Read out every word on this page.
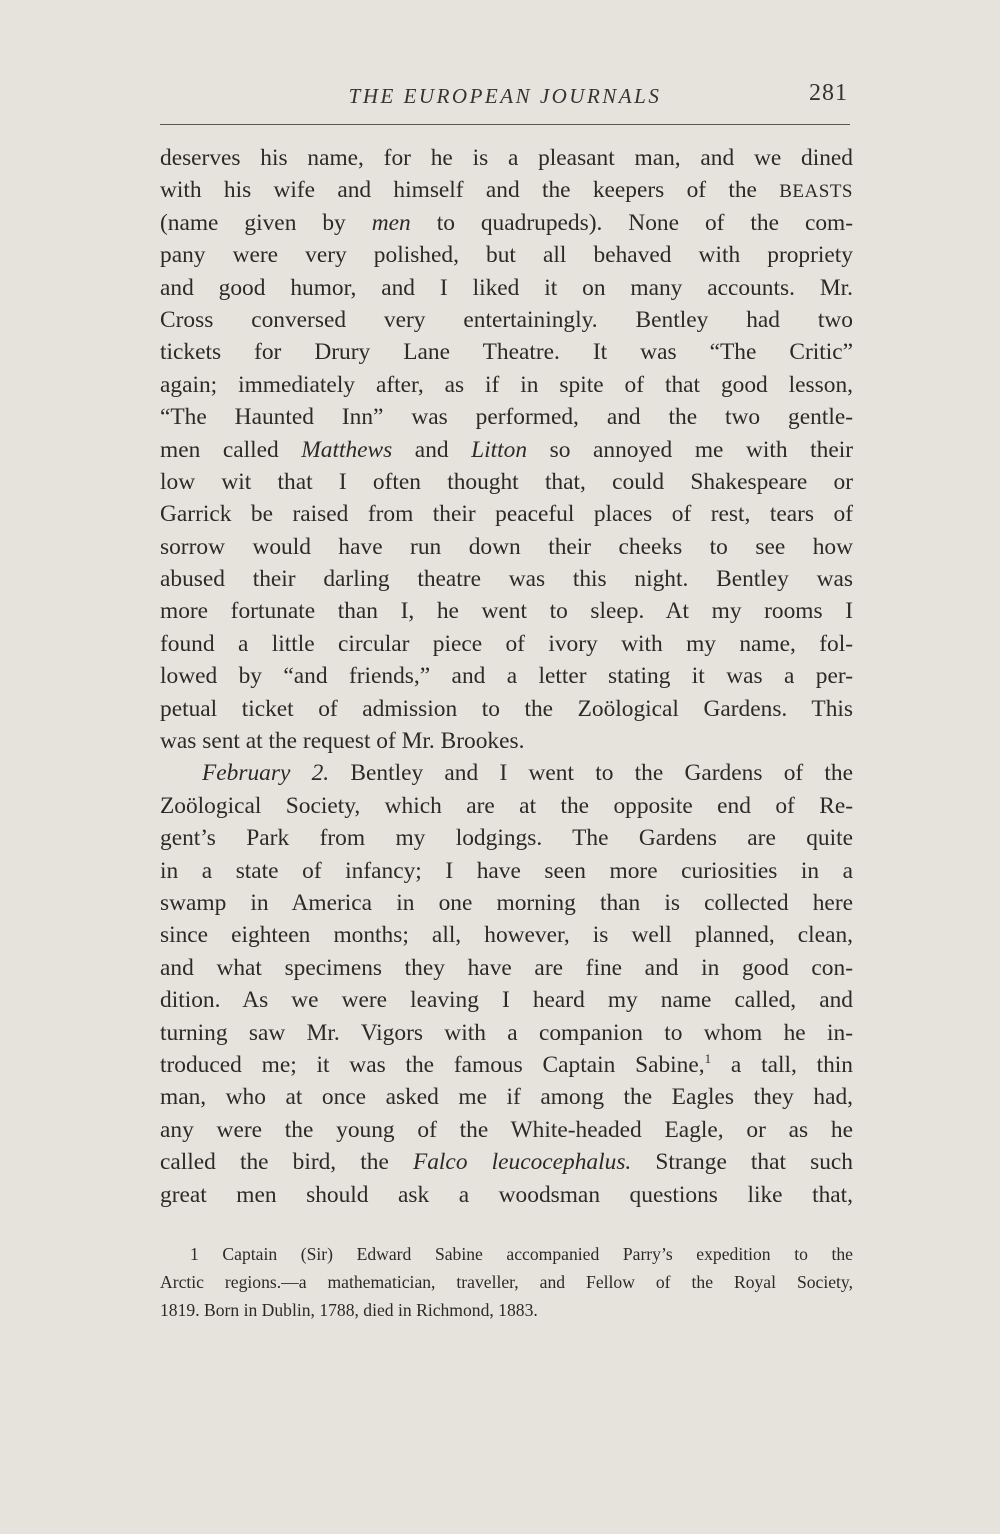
THE EUROPEAN JOURNALS	281
deserves his name, for he is a pleasant man, and we dined
with his wife and himself and the keepers of the BEASTS
(name given by men to quadrupeds). None of the com-
pany were very polished, but all behaved with propriety
and good humor, and I liked it on many accounts. Mr.
Cross conversed very entertainingly. Bentley had two
tickets for Drury Lane Theatre. It was “The Critic”
again; immediately after, as if in spite of that good lesson,
“The Haunted Inn” was performed, and the two gentle-
men called Matthews and Litton so annoyed me with their
low wit that I often thought that, could Shakespeare or
Garrick be raised from their peaceful places of rest, tears of
sorrow would have run down their cheeks to see how
abused their darling theatre was this night. Bentley was
more fortunate than I, he went to sleep. At my rooms I
found a little circular piece of ivory with my name, fol-
lowed by “and friends,” and a letter stating it was a per-
petual ticket of admission to the Zoölogical Gardens. This
was sent at the request of Mr. Brookes.
February 2. Bentley and I went to the Gardens of the
Zoölogical Society, which are at the opposite end of Re-
gent’s Park from my lodgings. The Gardens are quite
in a state of infancy; I have seen more curiosities in a
swamp in America in one morning than is collected here
since eighteen months; all, however, is well planned, clean,
and what specimens they have are fine and in good con-
dition. As we were leaving I heard my name called, and
turning saw Mr. Vigors with a companion to whom he in-
troduced me; it was the famous Captain Sabine,$^1$ a tall, thin
man, who at once asked me if among the Eagles they had,
any were the young of the White-headed Eagle, or as he
called the bird, the Falco leucocephalus. Strange that such
great men should ask a woodsman questions like that,
1 Captain (Sir) Edward Sabine accompanied Parry’s expedition to the
Arctic regions.—a mathematician, traveller, and Fellow of the Royal Society,
1819. Born in Dublin, 1788, died in Richmond, 1883.
